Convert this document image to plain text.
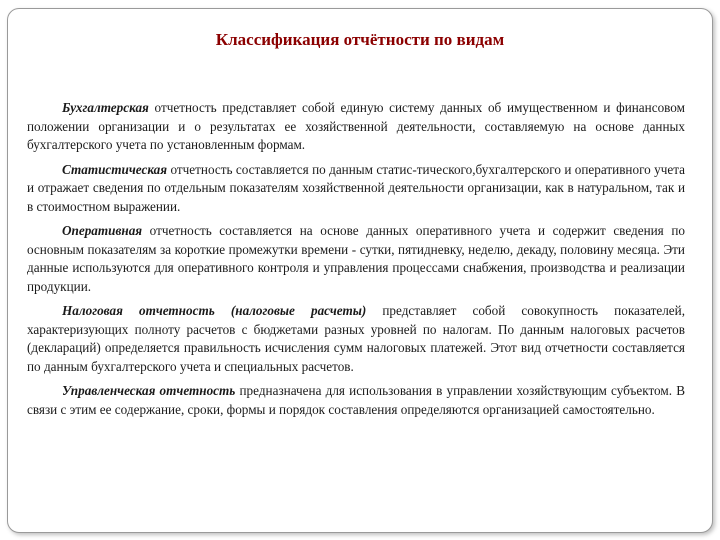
Классификация отчётности по видам

Бухгалтерская отчетность представляет собой единую систему данных об имущественном и финансовом положении организации и о результатах ее хозяйственной деятельности, составляемую на основе данных бухгалтерского учета по установленным формам.

Статистическая отчетность составляется по данным статис-тического,бухгалтерского и оперативного учета и отражает сведения по отдельным показателям хозяйственной деятельности организации, как в натуральном, так и в стоимостном выражении.

Оперативная отчетность составляется на основе данных оперативного учета и содержит сведения по основным показателям за короткие промежутки времени - сутки, пятидневку, неделю, декаду, половину месяца. Эти данные используются для оперативного контроля и управления процессами снабжения, производства и реализации продукции.

Налоговая отчетность (налоговые расчеты) представляет собой совокупность показателей, характеризующих полноту расчетов с бюджетами разных уровней по налогам. По данным налоговых расчетов (деклараций) определяется правильность исчисления сумм налоговых платежей. Этот вид отчетности составляется по данным бухгалтерского учета и специальных расчетов.

Управленческая отчетность предназначена для использования в управлении хозяйствующим субъектом. В связи с этим ее содержание, сроки, формы и порядок составления определяются организацией самостоятельно.
